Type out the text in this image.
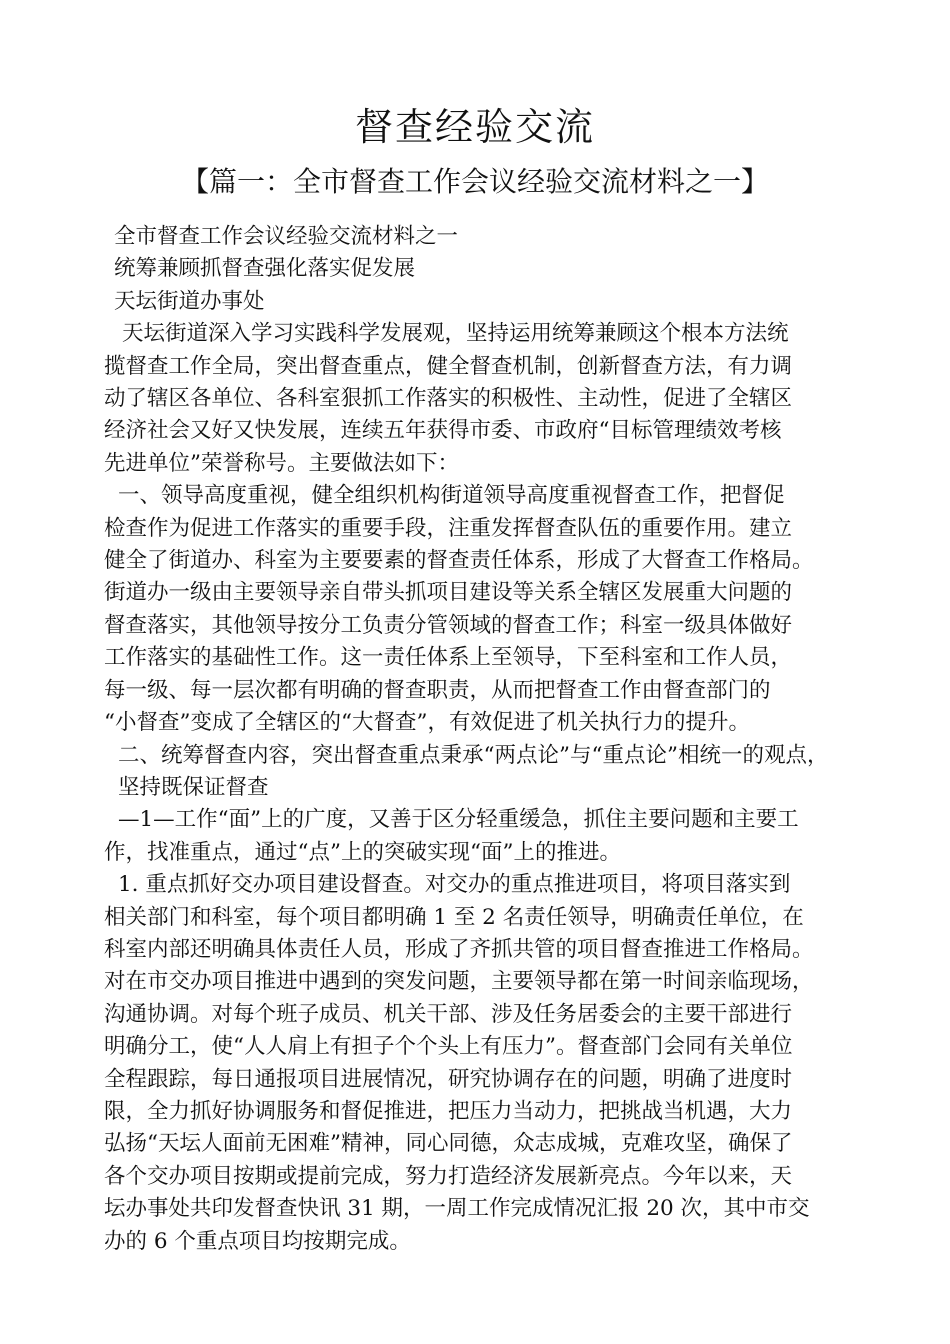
督查经验交流
【篇一：全市督查工作会议经验交流材料之一】
全市督查工作会议经验交流材料之一
统筹兼顾抓督查强化落实促发展
天坛街道办事处
天坛街道深入学习实践科学发展观，坚持运用统筹兼顾这个根本方法统
揽督查工作全局，突出督查重点，健全督查机制，创新督查方法，有力调
动了辖区各单位、各科室狠抓工作落实的积极性、主动性，促进了全辖区
经济社会又好又快发展，连续五年获得市委、市政府“目标管理绩效考核
先进单位”荣誉称号。主要做法如下：
一、领导高度重视，健全组织机构街道领导高度重视督查工作，把督促
检查作为促进工作落实的重要手段，注重发挥督查队伍的重要作用。建立
健全了街道办、科室为主要要素的督查责任体系，形成了大督查工作格局。
街道办一级由主要领导亲自带头抓项目建设等关系全辖区发展重大问题的
督查落实，其他领导按分工负责分管领域的督查工作；科室一级具体做好
工作落实的基础性工作。这一责任体系上至领导，下至科室和工作人员，
每一级、每一层次都有明确的督查职责，从而把督查工作由督查部门的
“小督查”变成了全辖区的“大督查”，有效促进了机关执行力的提升。
二、统筹督查内容，突出督查重点秉承“两点论”与“重点论”相统一的观点，
坚持既保证督查
—1—工作“面”上的广度，又善于区分轻重缓急，抓住主要问题和主要工
作，找准重点，通过“点”上的突破实现“面”上的推进。
1. 重点抓好交办项目建设督查。对交办的重点推进项目，将项目落实到
相关部门和科室，每个项目都明确 1 至 2 名责任领导，明确责任单位，在
科室内部还明确具体责任人员，形成了齐抓共管的项目督查推进工作格局。
对在市交办项目推进中遇到的突发问题，主要领导都在第一时间亲临现场，
沟通协调。对每个班子成员、机关干部、涉及任务居委会的主要干部进行
明确分工，使“人人肩上有担子个个头上有压力”。督查部门会同有关单位
全程跟踪，每日通报项目进展情况，研究协调存在的问题，明确了进度时
限，全力抓好协调服务和督促推进，把压力当动力，把挑战当机遇，大力
弘扬“天坛人面前无困难”精神，同心同德，众志成城，克难攻坚，确保了
各个交办项目按期或提前完成，努力打造经济发展新亮点。今年以来，天
坛办事处共印发督查快讯 31 期，一周工作完成情况汇报 20 次，其中市交
办的 6 个重点项目均按期完成。
